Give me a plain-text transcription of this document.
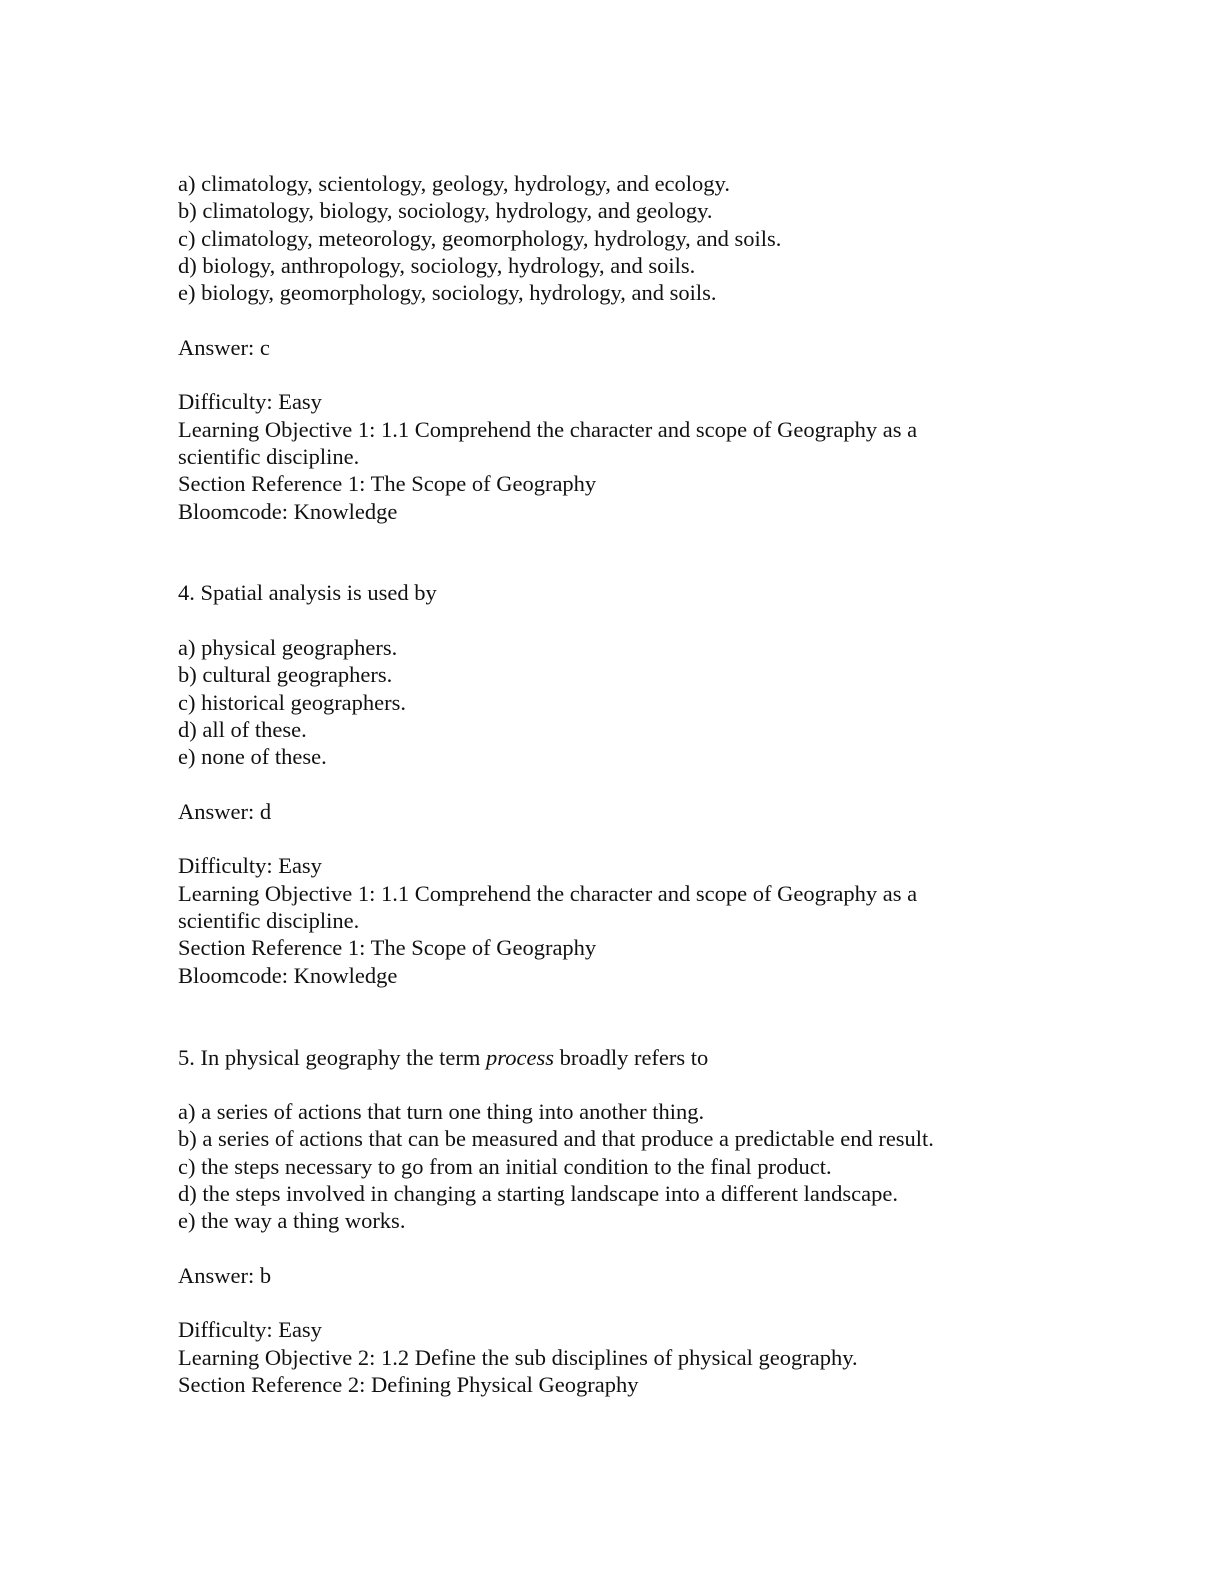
a) climatology, scientology, geology, hydrology, and ecology.
b) climatology, biology, sociology, hydrology, and geology.
c) climatology, meteorology, geomorphology, hydrology, and soils.
d) biology, anthropology, sociology, hydrology, and soils.
e) biology, geomorphology, sociology, hydrology, and soils.
Answer: c
Difficulty: Easy
Learning Objective 1: 1.1 Comprehend the character and scope of Geography as a
scientific discipline.
Section Reference 1: The Scope of Geography
Bloomcode: Knowledge
4. Spatial analysis is used by
a) physical geographers.
b) cultural geographers.
c) historical geographers.
d) all of these.
e) none of these.
Answer: d
Difficulty: Easy
Learning Objective 1: 1.1 Comprehend the character and scope of Geography as a
scientific discipline.
Section Reference 1: The Scope of Geography
Bloomcode: Knowledge
5. In physical geography the term process broadly refers to
a) a series of actions that turn one thing into another thing.
b) a series of actions that can be measured and that produce a predictable end result.
c) the steps necessary to go from an initial condition to the final product.
d) the steps involved in changing a starting landscape into a different landscape.
e) the way a thing works.
Answer: b
Difficulty: Easy
Learning Objective 2: 1.2 Define the sub disciplines of physical geography.
Section Reference 2: Defining Physical Geography
